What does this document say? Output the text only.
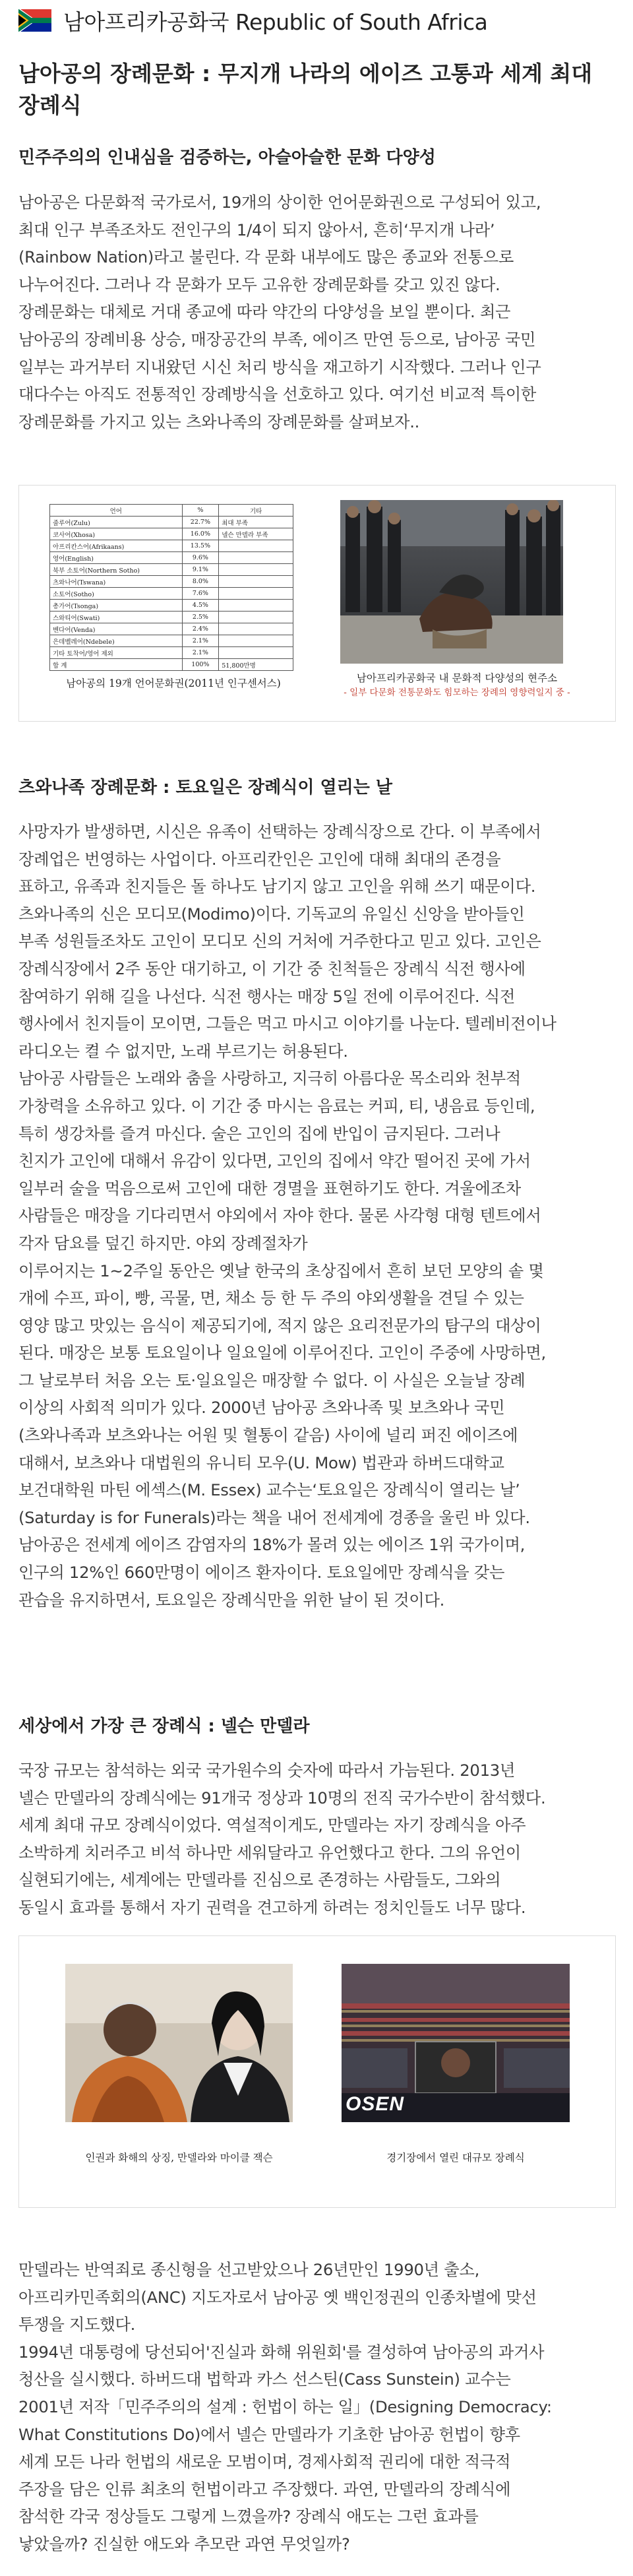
남아프리카공화국 Republic of South Africa
남아공의 장례문화 : 무지개 나라의 에이즈 고통과 세계 최대 장례식
민주주의의 인내심을 검증하는, 아슬아슬한 문화 다양성

남아공은 다문화적 국가로서, 19개의 상이한 언어문화권으로 구성되어 있고,

최대 인구 부족조차도 전인구의 1/4이 되지 않아서, 흔히‘무지개 나라’

(Rainbow Nation)라고 불린다. 각 문화 내부에도 많은 종교와 전통으로

나누어진다. 그러나 각 문화가 모두 고유한 장례문화를 갖고 있진 않다.

장례문화는 대체로 거대 종교에 따라 약간의 다양성을 보일 뿐이다. 최근

남아공의 장례비용 상승, 매장공간의 부족, 에이즈 만연 등으로, 남아공 국민

일부는 과거부터 지내왔던 시신 처리 방식을 재고하기 시작했다. 그러나 인구

대다수는 아직도 전통적인 장례방식을 선호하고 있다. 여기선 비교적 특이한

장례문화를 가지고 있는 츠와나족의 장례문화를 살펴보자..

언어	%	기타
줄루어(Zulu)	22.7%	최대 부족
코사어(Xhosa)	16.0%	넬슨 만델라 부족
아프리칸스어(Afrikaans)	13.5%	
영어(English)	9.6%	
북부 소토어(Northern Sotho)	9.1%	
츠와나어(Tswana)	8.0%	
소토어(Sotho)	7.6%	
총가어(Tsonga)	4.5%	
스와티어(Swati)	2.5%	
벤다어(Venda)	2.4%	
은데벨레어(Ndebele)	2.1%	
기타 토착어/영어 제외	2.1%	
합 계	100%	51,800만명
남아공의 19개 언어문화권(2011년 인구센서스)	남아프리카공화국 내 문화적 다양성의 현주소
- 일부 다문화 전통문화도 힘모하는 장례의 영향력일지 중 -
츠와나족 장례문화 : 토요일은 장례식이 열리는 날

사망자가 발생하면, 시신은 유족이 선택하는 장례식장으로 간다. 이 부족에서

장례업은 번영하는 사업이다. 아프리칸인은 고인에 대해 최대의 존경을

표하고, 유족과 친지들은 돌 하나도 남기지 않고 고인을 위해 쓰기 때문이다.

츠와나족의 신은 모디모(Modimo)이다. 기독교의 유일신 신앙을 받아들인

부족 성원들조차도 고인이 모디모 신의 거처에 거주한다고 믿고 있다. 고인은

장례식장에서 2주 동안 대기하고, 이 기간 중 친척들은 장례식 식전 행사에

참여하기 위해 길을 나선다. 식전 행사는 매장 5일 전에 이루어진다. 식전

행사에서 친지들이 모이면, 그들은 먹고 마시고 이야기를 나눈다. 텔레비전이나

라디오는 켤 수 없지만, 노래 부르기는 허용된다.

남아공 사람들은 노래와 춤을 사랑하고, 지극히 아름다운 목소리와 천부적

가창력을 소유하고 있다. 이 기간 중 마시는 음료는 커피, 티, 냉음료 등인데,

특히 생강차를 즐겨 마신다. 술은 고인의 집에 반입이 금지된다. 그러나

친지가 고인에 대해서 유감이 있다면, 고인의 집에서 약간 떨어진 곳에 가서

일부러 술을 먹음으로써 고인에 대한 경멸을 표현하기도 한다. 겨울에조차

사람들은 매장을 기다리면서 야외에서 자야 한다. 물론 사각형 대형 텐트에서

각자 담요를 덮긴 하지만. 야외 장례절차가

이루어지는 1~2주일 동안은 옛날 한국의 초상집에서 흔히 보던 모양의 솥 몇

개에 수프, 파이, 빵, 곡물, 면, 채소 등 한 두 주의 야외생활을 견딜 수 있는

영양 많고 맛있는 음식이 제공되기에, 적지 않은 요리전문가의 탐구의 대상이

된다. 매장은 보통 토요일이나 일요일에 이루어진다. 고인이 주중에 사망하면,

그 날로부터 처음 오는 토·일요일은 매장할 수 없다. 이 사실은 오늘날 장례

이상의 사회적 의미가 있다. 2000년 남아공 츠와나족 및 보츠와나 국민

(츠와나족과 보츠와나는 어원 및 혈통이 같음) 사이에 널리 퍼진 에이즈에

대해서, 보츠와나 대법원의 유니티 모우(U. Mow) 법관과 하버드대학교

보건대학원 마틴 에섹스(M. Essex) 교수는‘토요일은 장례식이 열리는 날’

(Saturday is for Funerals)라는 책을 내어 전세계에 경종을 울린 바 있다.

남아공은 전세계 에이즈 감염자의 18%가 몰려 있는 에이즈 1위 국가이며,

인구의 12%인 660만명이 에이즈 환자이다. 토요일에만 장례식을 갖는

관습을 유지하면서, 토요일은 장례식만을 위한 날이 된 것이다.

세상에서 가장 큰 장례식 : 넬슨 만델라

국장 규모는 참석하는 외국 국가원수의 숫자에 따라서 가늠된다. 2013년

넬슨 만델라의 장례식에는 91개국 정상과 10명의 전직 국가수반이 참석했다.

세계 최대 규모 장례식이었다. 역설적이게도, 만델라는 자기 장례식을 아주

소박하게 치러주고 비석 하나만 세워달라고 유언했다고 한다. 그의 유언이

실현되기에는, 세계에는 만델라를 진심으로 존경하는 사람들도, 그와의

동일시 효과를 통해서 자기 권력을 견고하게 하려는 정치인들도 너무 많다.

OSEN
인권과 화해의 상징, 만델라와 마이클 잭슨	경기장에서 열린 대규모 장례식

만델라는 반역죄로 종신형을 선고받았으나 26년만인 1990년 출소,

아프리카민족회의(ANC) 지도자로서 남아공 옛 백인정권의 인종차별에 맞선

투쟁을 지도했다.

1994년 대통령에 당선되어'진실과 화해 위원회'를 결성하여 남아공의 과거사

청산을 실시했다. 하버드대 법학과 카스 선스틴(Cass Sunstein) 교수는

2001년 저작「민주주의의 설계 : 헌법이 하는 일」(Designing Democracy:

What Constitutions Do)에서 넬슨 만델라가 기초한 남아공 헌법이 향후

세계 모든 나라 헌법의 새로운 모범이며, 경제사회적 권리에 대한 적극적

주장을 담은 인류 최초의 헌법이라고 주장했다. 과연, 만델라의 장례식에

참석한 각국 정상들도 그렇게 느꼈을까? 장례식 애도는 그런 효과를

낳았을까? 진실한 애도와 추모란 과연 무엇일까?
